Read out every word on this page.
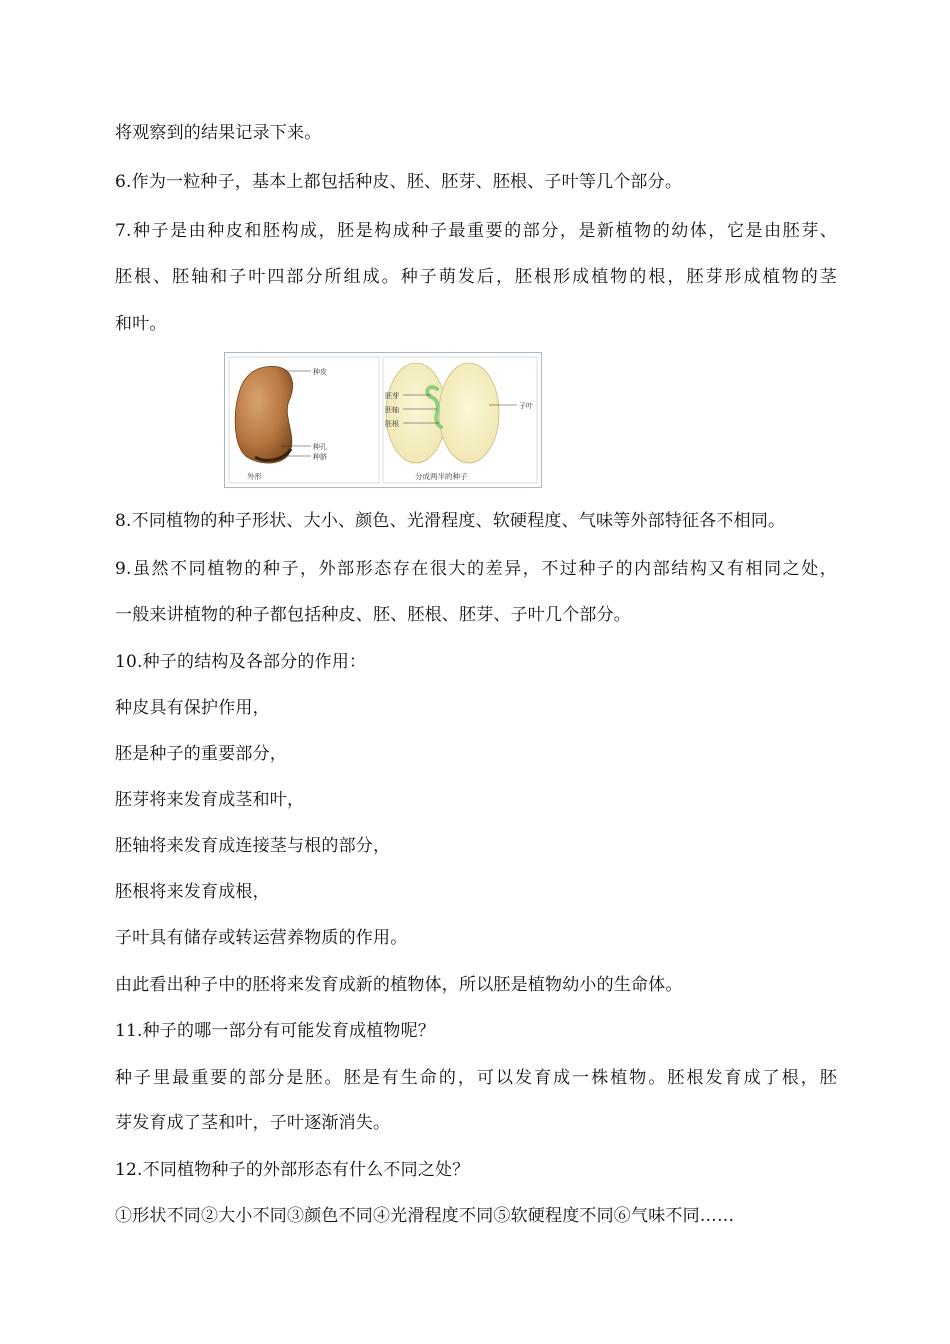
将观察到的结果记录下来。
6.作为一粒种子，基本上都包括种皮、胚、胚芽、胚根、子叶等几个部分。
7.种子是由种皮和胚构成，胚是构成种子最重要的部分，是新植物的幼体，它是由胚芽、
胚根、胚轴和子叶四部分所组成。种子萌发后，胚根形成植物的根，胚芽形成植物的茎
和叶。
种皮
种孔
种脐
外形
胚芽
胚轴
胚根
子叶
分成两半的种子
8.不同植物的种子形状、大小、颜色、光滑程度、软硬程度、气味等外部特征各不相同。
9.虽然不同植物的种子，外部形态存在很大的差异，不过种子的内部结构又有相同之处，
一般来讲植物的种子都包括种皮、胚、胚根、胚芽、子叶几个部分。
10.种子的结构及各部分的作用：
种皮具有保护作用，
胚是种子的重要部分，
胚芽将来发育成茎和叶，
胚轴将来发育成连接茎与根的部分，
胚根将来发育成根，
子叶具有储存或转运营养物质的作用。
由此看出种子中的胚将来发育成新的植物体，所以胚是植物幼小的生命体。
11.种子的哪一部分有可能发育成植物呢？
种子里最重要的部分是胚。胚是有生命的，可以发育成一株植物。胚根发育成了根，胚
芽发育成了茎和叶，子叶逐渐消失。
12.不同植物种子的外部形态有什么不同之处？
①形状不同②大小不同③颜色不同④光滑程度不同⑤软硬程度不同⑥气味不同……
